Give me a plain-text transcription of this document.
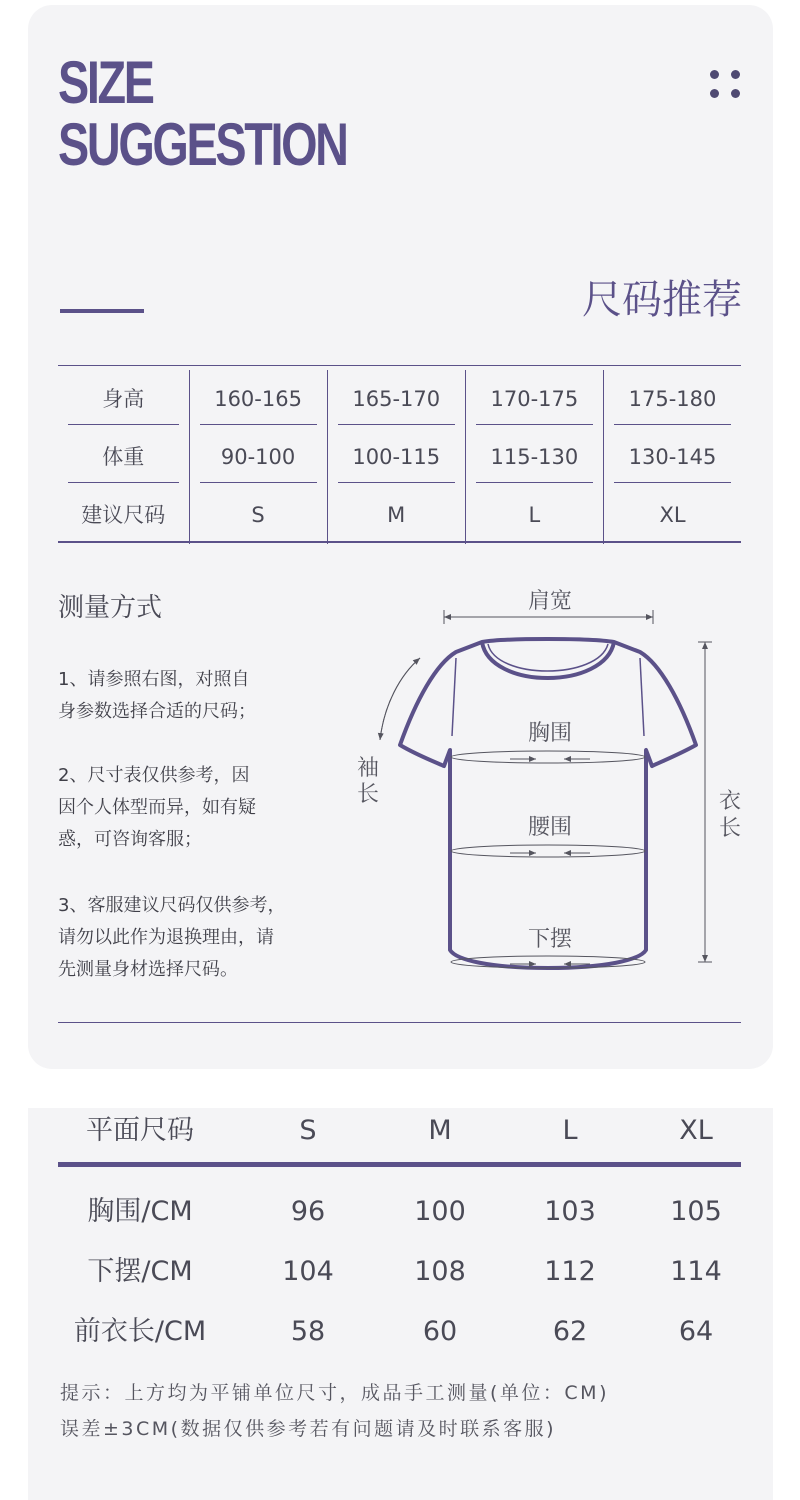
SIZE
SUGGESTION
尺码推荐
身高	160-165	165-170	170-175	175-180

体重	90-100	100-115	115-130	130-145

建议尺码	S	M	L	XL
测量方式
1、请参照右图，对照自
身参数选择合适的尺码；
2、尺寸表仅供参考，因
因个人体型而异，如有疑
惑，可咨询客服；
3、客服建议尺码仅供参考，
请勿以此作为退换理由，请
先测量身材选择尺码。
肩宽
胸围
腰围
下摆
袖
长	衣
长
平面尺码	S	M	L	XL
胸围/CM	96	100	103	105
下摆/CM	104	108	112	114
前衣长/CM	58	60	62	64
提示：上方均为平铺单位尺寸，成品手工测量(单位：CM)
误差±3CM(数据仅供参考若有问题请及时联系客服)
